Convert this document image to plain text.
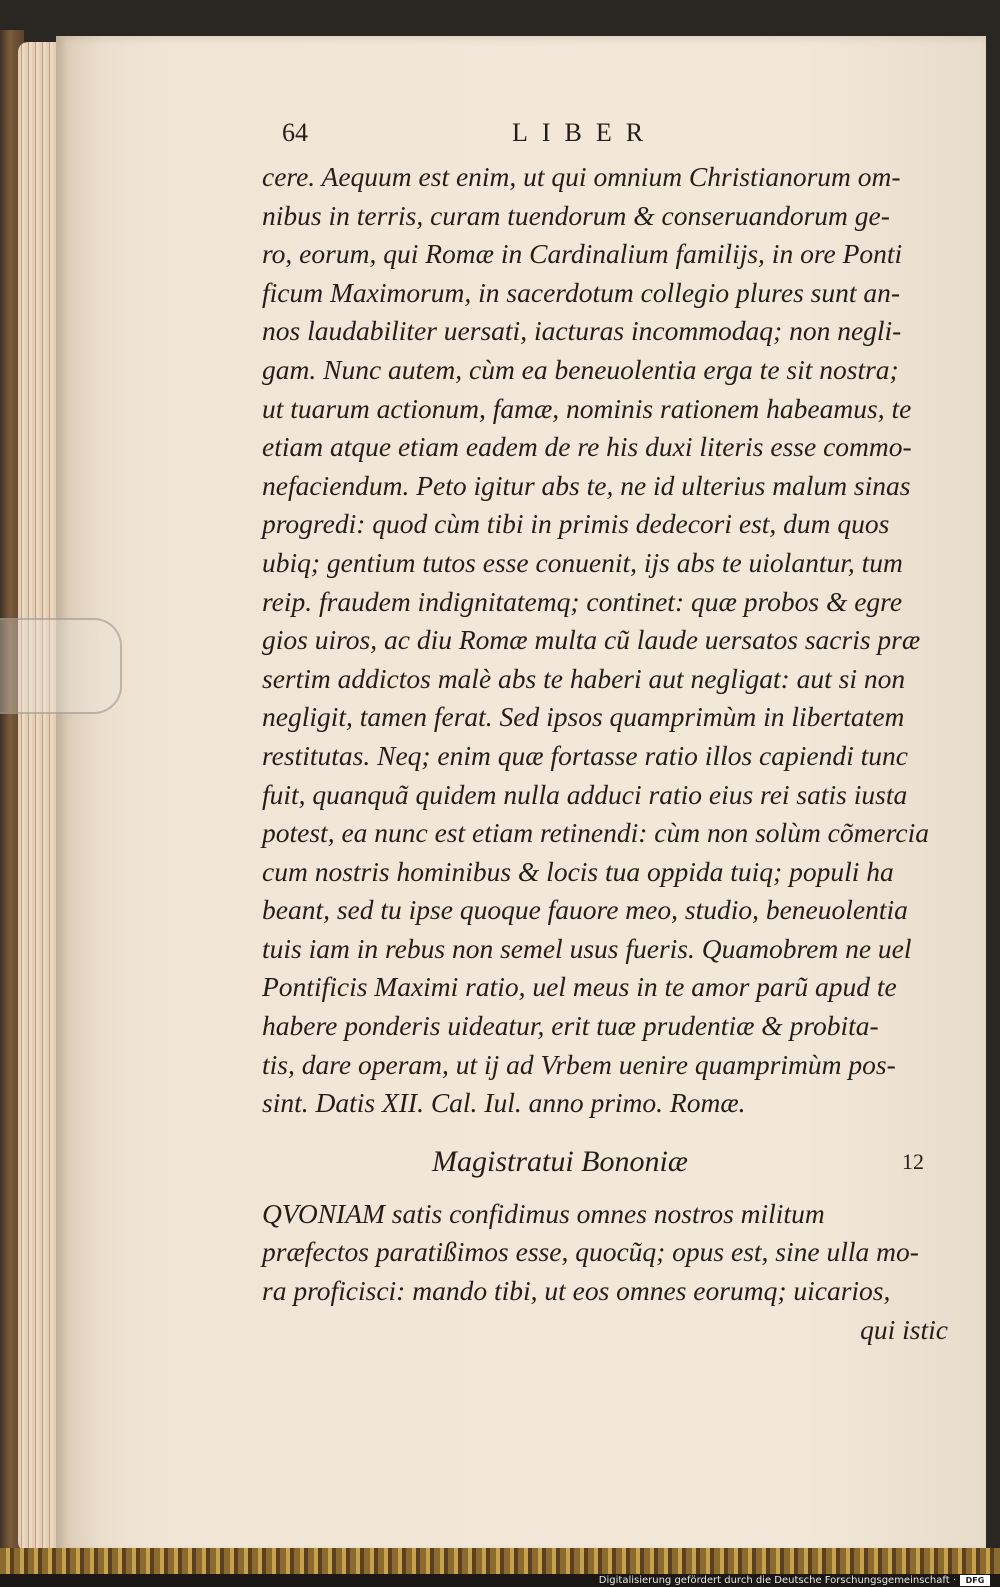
64	LIBER
cere. Aequum est enim, ut qui omnium Christianorum om-
nibus in terris, curam tuendorum & conseruandorum ge-
ro, eorum, qui Romæ in Cardinalium familijs, in ore Ponti
ficum Maximorum, in sacerdotum collegio plures sunt an-
nos laudabiliter uersati, iacturas incommodaq; non negli-
gam. Nunc autem, cùm ea beneuolentia erga te sit nostra;
ut tuarum actionum, famæ, nominis rationem habeamus, te
etiam atque etiam eadem de re his duxi literis esse commo-
nefaciendum. Peto igitur abs te, ne id ulterius malum sinas
progredi: quod cùm tibi in primis dedecori est, dum quos
ubiq; gentium tutos esse conuenit, ijs abs te uiolantur, tum
reip. fraudem indignitatemq; continet: quæ probos & egre
gios uiros, ac diu Romæ multa cũ laude uersatos sacris præ
sertim addictos malè abs te haberi aut negligat: aut si non
negligit, tamen ferat. Sed ipsos quamprimùm in libertatem
restitutas. Neq; enim quæ fortasse ratio illos capiendi tunc
fuit, quanquã quidem nulla adduci ratio eius rei satis iusta
potest, ea nunc est etiam retinendi: cùm non solùm cõmercia
cum nostris hominibus & locis tua oppida tuiq; populi ha
beant, sed tu ipse quoque fauore meo, studio, beneuolentia
tuis iam in rebus non semel usus fueris. Quamobrem ne uel
Pontificis Maximi ratio, uel meus in te amor parũ apud te
habere ponderis uideatur, erit tuæ prudentiæ & probita-
tis, dare operam, ut ij ad Vrbem uenire quamprimùm pos-
sint. Datis XII. Cal. Iul. anno primo. Romæ.
Magistratui Bononiæ	12
QVONIAM satis confidimus omnes nostros militum
præfectos paratißimos esse, quocũq; opus est, sine ulla mo-
ra proficisci: mando tibi, ut eos omnes eorumq; uicarios,
qui istic
Digitalisierung gefördert durch die Deutsche Forschungsgemeinschaft ·	DFG
